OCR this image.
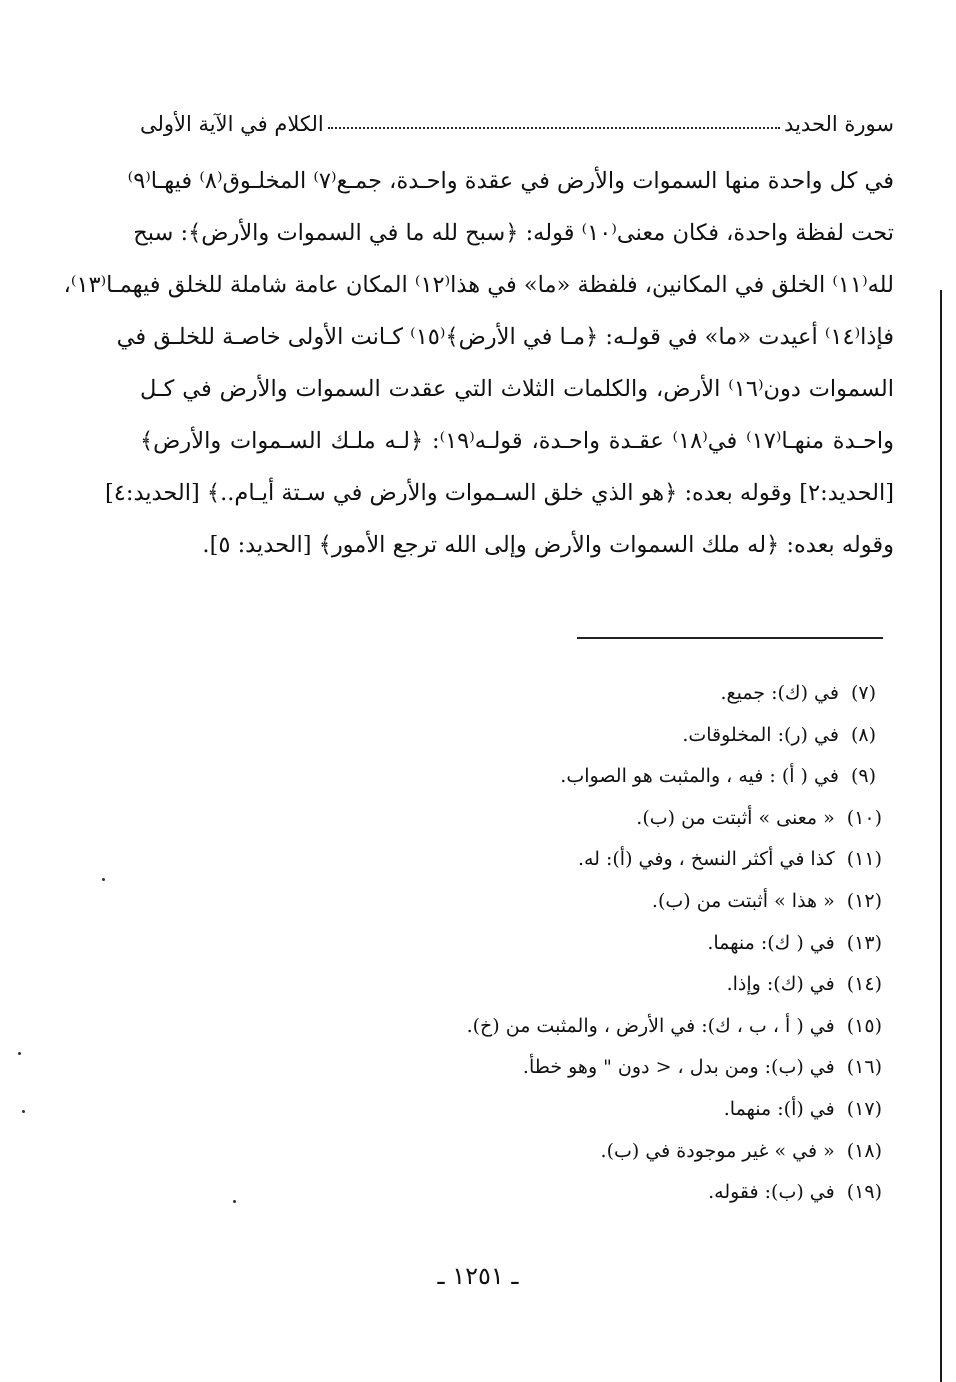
سورة الحديد
الكلام في الآية الأولى
في كل واحدة منها السموات والأرض في عقدة واحـدة، جمـع⁽٧⁾ المخلـوق⁽٨⁾ فيهـا⁽٩⁾
تحت لفظة واحدة، فكان معنى⁽١٠⁾ قوله: ﴿سبح لله ما في السموات والأرض﴾: سبح
لله⁽١١⁾ الخلق في المكانين، فلفظة «ما» في هذا⁽١٢⁾ المكان عامة شاملة للخلق فيهمـا⁽١٣⁾،
فإذا⁽١٤⁾ أعيدت «ما» في قولـه: ﴿مـا في الأرض﴾⁽١٥⁾ كـانت الأولى خاصـة للخلـق في
السموات دون⁽١٦⁾ الأرض، والكلمات الثلاث التي عقدت السموات والأرض في كـل
واحـدة منهـا⁽١٧⁾ في⁽١٨⁾ عقـدة واحـدة، قولـه⁽١٩⁾: ﴿لـه ملـك السـموات والأرض﴾
[الحديد:٢] وقوله بعده: ﴿هو الذي خلق السـموات والأرض في سـتة أيـام..﴾ [الحديد:٤]
وقوله بعده: ﴿له ملك السموات والأرض وإلى الله ترجع الأمور﴾ [الحديد: ٥].
(٧)في (ك): جميع.
(٨)في (ر): المخلوقات.
(٩)في ( أ) : فيه ، والمثبت هو الصواب.
(١٠)« معنى » أثبتت من (ب).
(١١)كذا في أكثر النسخ ، وفي (أ): له.
(١٢)« هذا » أثبتت من (ب).
(١٣)في ( ك): منهما.
(١٤)في (ك): وإذا.
(١٥)في ( أ ، ب ، ك): في الأرض ، والمثبت من (خ).
(١٦)في (ب): ومن بدل ، < دون " وهو خطأ.
(١٧)في (أ): منهما.
(١٨)« في » غير موجودة في (ب).
(١٩)في (ب): فقوله.
ـ ١٢٥١ ـ
